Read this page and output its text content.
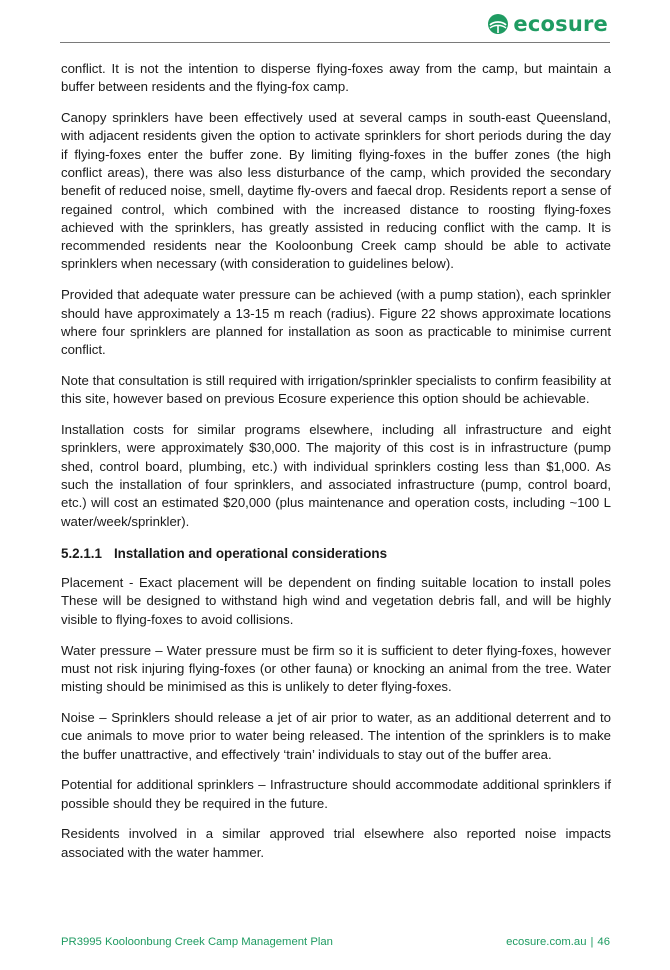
ecosure

conflict. It is not the intention to disperse flying-foxes away from the camp, but maintain a buffer between residents and the flying-fox camp.

Canopy sprinklers have been effectively used at several camps in south-east Queensland, with adjacent residents given the option to activate sprinklers for short periods during the day if flying-foxes enter the buffer zone. By limiting flying-foxes in the buffer zones (the high conflict areas), there was also less disturbance of the camp, which provided the secondary benefit of reduced noise, smell, daytime fly-overs and faecal drop. Residents report a sense of regained control, which combined with the increased distance to roosting flying-foxes achieved with the sprinklers, has greatly assisted in reducing conflict with the camp. It is recommended residents near the Kooloonbung Creek camp should be able to activate sprinklers when necessary (with consideration to guidelines below).

Provided that adequate water pressure can be achieved (with a pump station), each sprinkler should have approximately a 13-15 m reach (radius). Figure 22 shows approximate locations where four sprinklers are planned for installation as soon as practicable to minimise current conflict.

Note that consultation is still required with irrigation/sprinkler specialists to confirm feasibility at this site, however based on previous Ecosure experience this option should be achievable.

Installation costs for similar programs elsewhere, including all infrastructure and eight sprinklers, were approximately $30,000. The majority of this cost is in infrastructure (pump shed, control board, plumbing, etc.) with individual sprinklers costing less than $1,000. As such the installation of four sprinklers, and associated infrastructure (pump, control board, etc.) will cost an estimated $20,000 (plus maintenance and operation costs, including ~100 L water/week/sprinkler).

5.2.1.1 Installation and operational considerations

Placement - Exact placement will be dependent on finding suitable location to install poles These will be designed to withstand high wind and vegetation debris fall, and will be highly visible to flying-foxes to avoid collisions.

Water pressure – Water pressure must be firm so it is sufficient to deter flying-foxes, however must not risk injuring flying-foxes (or other fauna) or knocking an animal from the tree. Water misting should be minimised as this is unlikely to deter flying-foxes.

Noise – Sprinklers should release a jet of air prior to water, as an additional deterrent and to cue animals to move prior to water being released. The intention of the sprinklers is to make the buffer unattractive, and effectively ‘train’ individuals to stay out of the buffer area.

Potential for additional sprinklers – Infrastructure should accommodate additional sprinklers if possible should they be required in the future.

Residents involved in a similar approved trial elsewhere also reported noise impacts associated with the water hammer.

PR3995 Kooloonbung Creek Camp Management Plan	ecosure.com.au | 46
